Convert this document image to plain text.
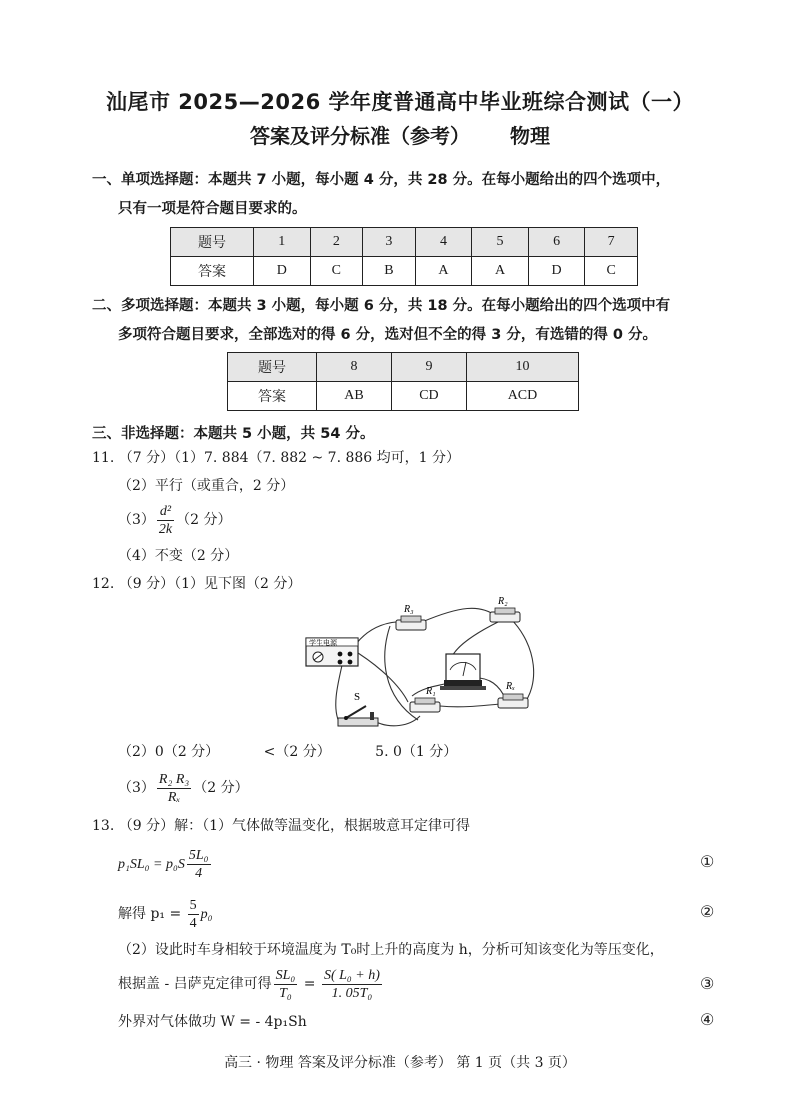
汕尾市 2025—2026 学年度普通高中毕业班综合测试（一）
答案及评分标准（参考） 物理
一、单项选择题：本题共 7 小题，每小题 4 分，共 28 分。在每小题给出的四个选项中，
只有一项是符合题目要求的。
题号	1	2	3	4	5	6	7
答案	D	C	B	A	A	D	C
二、多项选择题：本题共 3 小题，每小题 6 分，共 18 分。在每小题给出的四个选项中有
多项符合题目要求，全部选对的得 6 分，选对但不全的得 3 分，有选错的得 0 分。
题号	8	9	10
答案	AB	CD	ACD
三、非选择题：本题共 5 小题，共 54 分。
11. （7 分）（1）7. 884（7. 882 ~ 7. 886 均可，1 分）
（2）平行（或重合，2 分）
$(3) \frac{\text{d²}}{2k} (2$ 分）
（4）不变（2 分）
12. （9 分）（1）见下图（2 分）
学生电源
S
R₃
R₂
R₁	Rₓ
（2）0（2 分）	<（2 分）	5. 0（1 分）
$(3) \frac{\text{R₂ R₃}}{\text{Rₓ}} (2$ 分）
13. （9 分）解：（1）气体做等温变化，根据玻意耳定律可得
$p_1SL_0 = p_0S \frac{\text{5L₀}}{4}$	①
解得 $p_1 = \frac{5}{4} p_0$	②
（2）设此时车身相较于环境温度为 T₀时上升的高度为 h，分析可知该变化为等压变化，
根据盖 - 吕萨克定律可得 $\frac{\text{SL₀}}{\text{T₀}} = \frac{\text{S( L₀ + h)}}{\text{1. 05T₀}}$	③
外界对气体做功 W = - 4p₁Sh	④
高三 · 物理 答案及评分标准（参考） 第 1 页（共 3 页）
